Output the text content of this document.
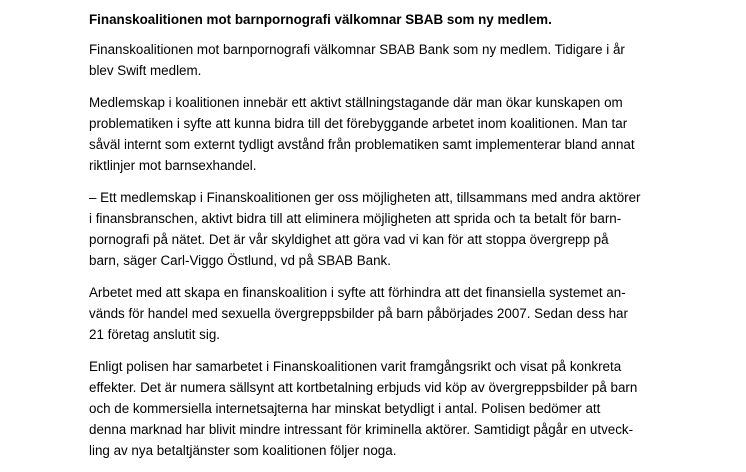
Finanskoalitionen mot barnpornografi välkomnar SBAB som ny medlem.
Finanskoalitionen mot barnpornografi välkomnar SBAB Bank som ny medlem. Tidigare i år
blev Swift medlem.
Medlemskap i koalitionen innebär ett aktivt ställningstagande där man ökar kunskapen om
problematiken i syfte att kunna bidra till det förebyggande arbetet inom koalitionen. Man tar
såväl internt som externt tydligt avstånd från problematiken samt implementerar bland annat
riktlinjer mot barnsexhandel.
– Ett medlemskap i Finanskoalitionen ger oss möjligheten att, tillsammans med andra aktörer
i finansbranschen, aktivt bidra till att eliminera möjligheten att sprida och ta betalt för barn-
pornografi på nätet. Det är vår skyldighet att göra vad vi kan för att stoppa övergrepp på
barn, säger Carl-Viggo Östlund, vd på SBAB Bank.
Arbetet med att skapa en finanskoalition i syfte att förhindra att det finansiella systemet an-
vänds för handel med sexuella övergreppsbilder på barn påbörjades 2007. Sedan dess har
21 företag anslutit sig.
Enligt polisen har samarbetet i Finanskoalitionen varit framgångsrikt och visat på konkreta
effekter. Det är numera sällsynt att kortbetalning erbjuds vid köp av övergreppsbilder på barn
och de kommersiella internetsajterna har minskat betydligt i antal. Polisen bedömer att
denna marknad har blivit mindre intressant för kriminella aktörer. Samtidigt pågår en utveck-
ling av nya betaltjänster som koalitionen följer noga.
